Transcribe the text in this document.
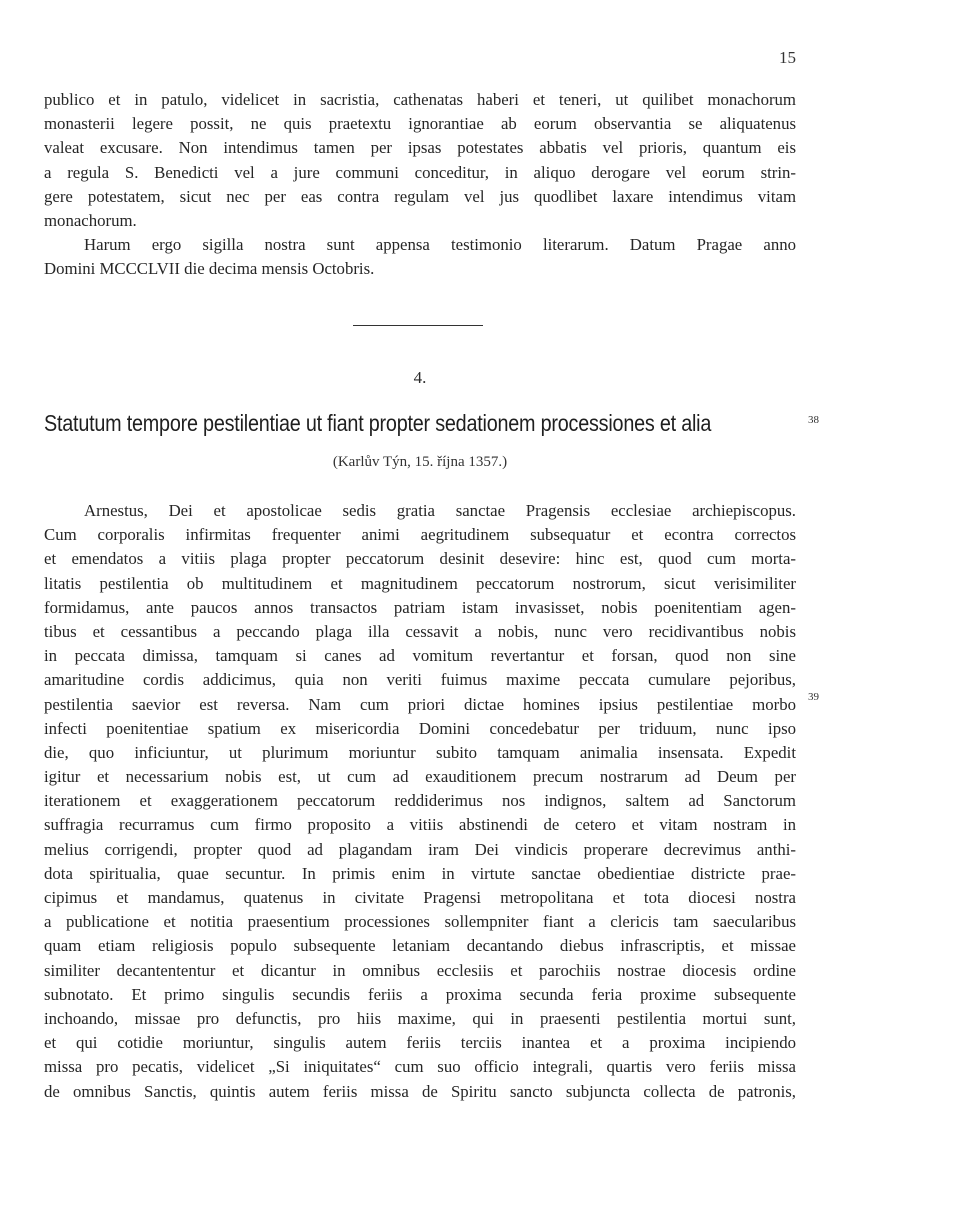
15
publico et in patulo, videlicet in sacristia, cathenatas haberi et teneri, ut quilibet monachorum
monasterii legere possit, ne quis praetextu ignorantiae ab eorum observantia se aliquatenus
valeat excusare. Non intendimus tamen per ipsas potestates abbatis vel prioris, quantum eis
a regula S. Benedicti vel a jure communi conceditur, in aliquo derogare vel eorum strin-
gere potestatem, sicut nec per eas contra regulam vel jus quodlibet laxare intendimus vitam
monachorum.
Harum ergo sigilla nostra sunt appensa testimonio literarum. Datum Pragae anno
Domini MCCCLVII die decima mensis Octobris.
4.
Statutum tempore pestilentiae ut fiant propter sedationem processiones et alia	38
(Karlův Týn, 15. října 1357.)
39
Arnestus, Dei et apostolicae sedis gratia sanctae Pragensis ecclesiae archiepiscopus.
Cum corporalis infirmitas frequenter animi aegritudinem subsequatur et econtra correctos
et emendatos a vitiis plaga propter peccatorum desinit desevire: hinc est, quod cum morta-
litatis pestilentia ob multitudinem et magnitudinem peccatorum nostrorum, sicut verisimiliter
formidamus, ante paucos annos transactos patriam istam invasisset, nobis poenitentiam agen-
tibus et cessantibus a peccando plaga illa cessavit a nobis, nunc vero recidivantibus nobis
in peccata dimissa, tamquam si canes ad vomitum revertantur et forsan, quod non sine
amaritudine cordis addicimus, quia non veriti fuimus maxime peccata cumulare pejoribus,
pestilentia saevior est reversa. Nam cum priori dictae homines ipsius pestilentiae morbo
infecti poenitentiae spatium ex misericordia Domini concedebatur per triduum, nunc ipso
die, quo inficiuntur, ut plurimum moriuntur subito tamquam animalia insensata. Expedit
igitur et necessarium nobis est, ut cum ad exauditionem precum nostrarum ad Deum per
iterationem et exaggerationem peccatorum reddiderimus nos indignos, saltem ad Sanctorum
suffragia recurramus cum firmo proposito a vitiis abstinendi de cetero et vitam nostram in
melius corrigendi, propter quod ad plagandam iram Dei vindicis properare decrevimus anthi-
dota spiritualia, quae secuntur. In primis enim in virtute sanctae obedientiae districte prae-
cipimus et mandamus, quatenus in civitate Pragensi metropolitana et tota diocesi nostra
a publicatione et notitia praesentium processiones sollempniter fiant a clericis tam saecularibus
quam etiam religiosis populo subsequente letaniam decantando diebus infrascriptis, et missae
similiter decantententur et dicantur in omnibus ecclesiis et parochiis nostrae diocesis ordine
subnotato. Et primo singulis secundis feriis a proxima secunda feria proxime subsequente
inchoando, missae pro defunctis, pro hiis maxime, qui in praesenti pestilentia mortui sunt,
et qui cotidie moriuntur, singulis autem feriis terciis inantea et a proxima incipiendo
missa pro pecatis, videlicet „Si iniquitates“ cum suo officio integrali, quartis vero feriis missa
de omnibus Sanctis, quintis autem feriis missa de Spiritu sancto subjuncta collecta de patronis,
